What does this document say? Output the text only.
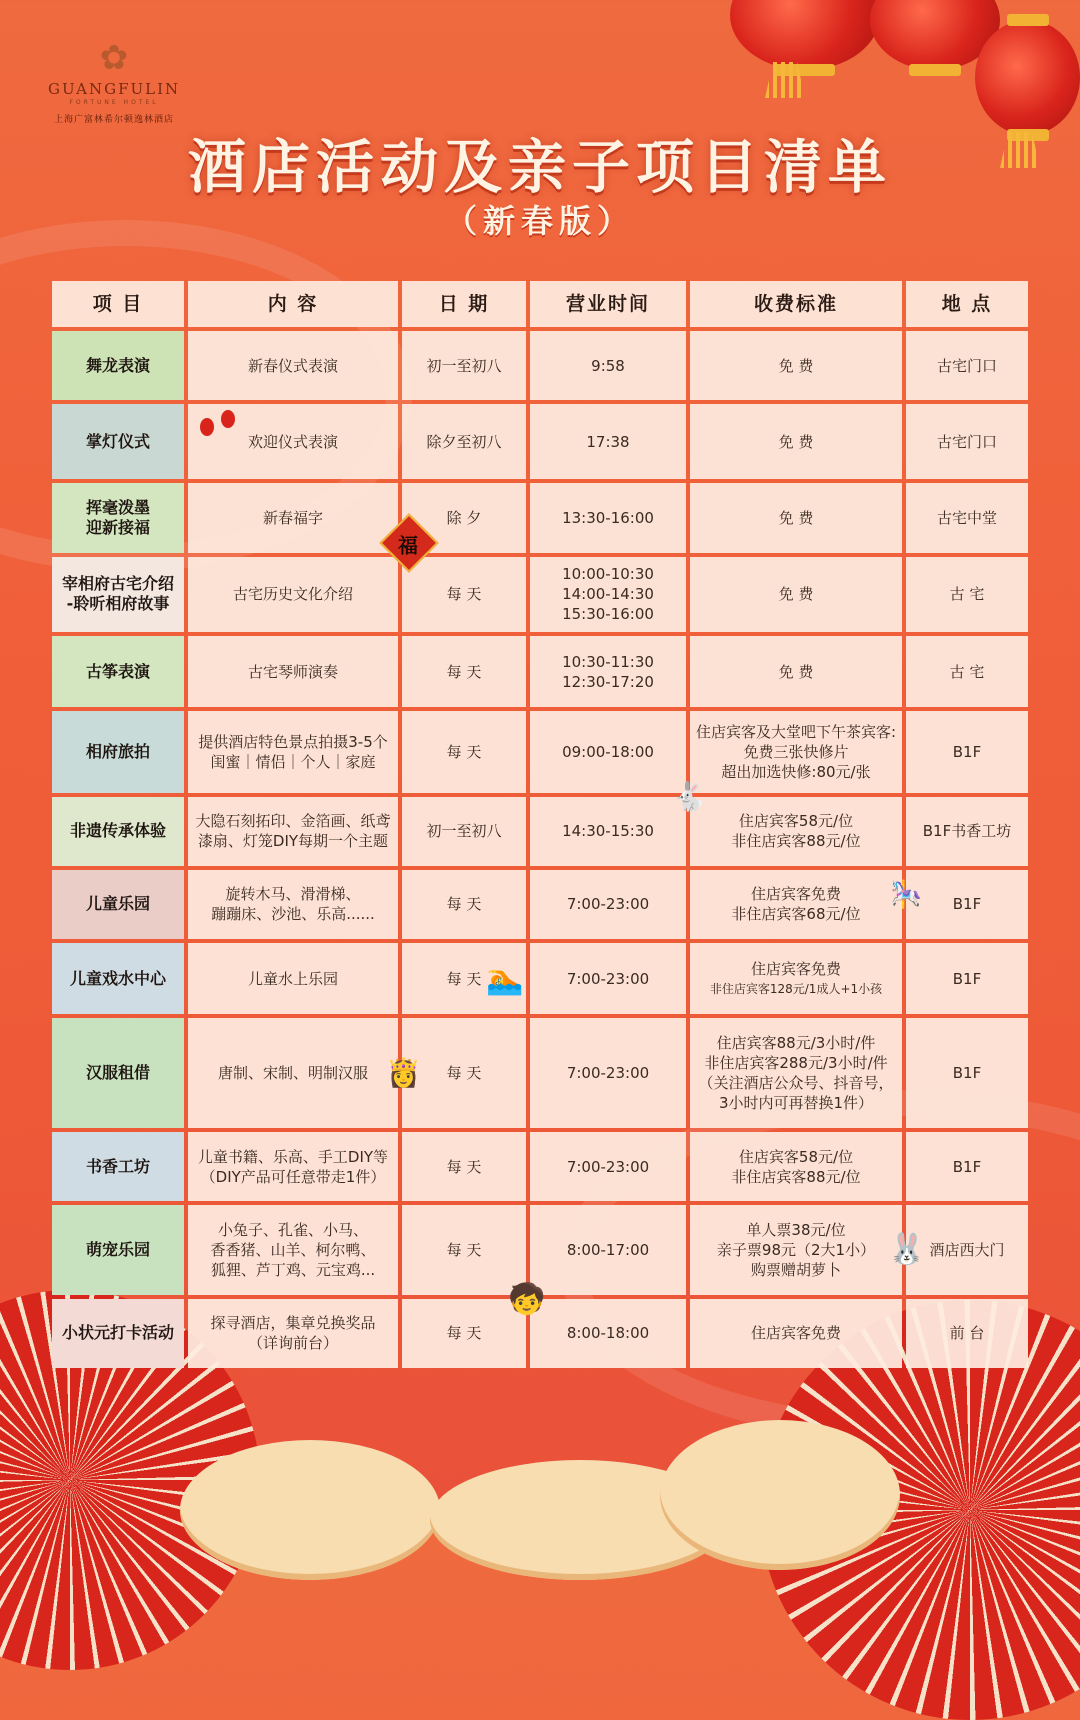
✿
GUANGFULIN
FORTUNE HOTEL
上海广富林希尔顿逸林酒店
酒店活动及亲子项目清单
（新春版）
项 目	内 容	日 期	营业时间	收费标准	地 点

舞龙表演	新春仪式表演	初一至初八	9:58	免 费	古宅门口

掌灯仪式	欢迎仪式表演	除夕至初八	17:38	免 费	古宅门口

挥毫泼墨
迎新接福	新春福字	除 夕	13:30-16:00	免 费	古宅中堂

宰相府古宅介绍
-聆听相府故事	古宅历史文化介绍	每 天	10:00-10:30
14:00-14:30
15:30-16:00	免 费	古 宅

古筝表演	古宅琴师演奏	每 天	10:30-11:30
12:30-17:20	免 费	古 宅

相府旅拍	提供酒店特色景点拍摄3-5个
闺蜜｜情侣｜个人｜家庭	每 天	09:00-18:00	住店宾客及大堂吧下午茶宾客:
免费三张快修片
超出加选快修:80元/张	B1F

非遗传承体验	大隐石刻拓印、金箔画、纸鸢
漆扇、灯笼DIY每期一个主题	初一至初八	14:30-15:30	住店宾客58元/位
非住店宾客88元/位	B1F书香工坊

儿童乐园	旋转木马、滑滑梯、
蹦蹦床、沙池、乐高......	每 天	7:00-23:00	住店宾客免费
非住店宾客68元/位	B1F

儿童戏水中心	儿童水上乐园	每 天	7:00-23:00	住店宾客免费
非住店宾客128元/1成人+1小孩	B1F

汉服租借	唐制、宋制、明制汉服	每 天	7:00-23:00	住店宾客88元/3小时/件
非住店宾客288元/3小时/件
（关注酒店公众号、抖音号，
3小时内可再替换1件）	B1F

书香工坊	儿童书籍、乐高、手工DIY等
（DIY产品可任意带走1件）	每 天	7:00-23:00	住店宾客58元/位
非住店宾客88元/位	B1F

萌宠乐园	小兔子、孔雀、小马、
香香猪、山羊、柯尔鸭、
狐狸、芦丁鸡、元宝鸡...	每 天	8:00-17:00	单人票38元/位
亲子票98元（2大1小）
购票赠胡萝卜	酒店西大门

小状元打卡活动	探寻酒店，集章兑换奖品
（详询前台）	每 天	8:00-18:00	住店宾客免费	前 台
福
🐇
🎠
🏊
👸
🐰
🧒
